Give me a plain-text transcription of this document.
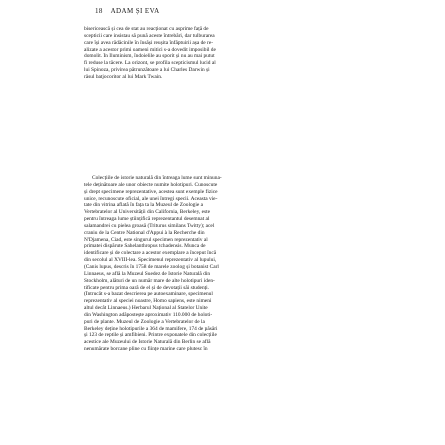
18 ADAM ȘI EVA
bisericească și cea de stat au reacționat cu asprime față de
scepticii care insistau să pună aceste întrebări, dar tulburarea
care își avea rădăcinile în însăși reușita înfăptuirii așa de re-
alizate a acestor primi oameni mitici s-a dovedit imposibil de
domolit. În Iluminism, îndoielile au sporit și nu au mai putut
fi reduse la tăcere. La orizont, se profila scepticismul lucid al
lui Spinoza, privirea pătrunzătoare a lui Charles Darwin și
râsul batjocoritor al lui Mark Twain.
Colecțiile de istorie naturală din întreaga lume sunt minuna-
tele deținătoare ale unor obiecte numite holotipuri. Cunoscute
și drept specimene reprezentative, acestea sunt exemple fizice
unice, recunoscute oficial, ale unei întregi specii. Aceasta vie-
tate din vitrina aflată în fața ta la Muzeul de Zoologie a
Vertebratelor al Universității din California, Berkeley, este
pentru întreaga lume științifică reprezentantul desemnat al
salamandrei cu pielea groasă (Triturus similans Twitty); acel
craniu de la Centre National d'Appui à la Recherche din
N'Djamena, Ciad, este singurul specimen reprezentativ al
primatei dispărute Sahelanthropus tchadensis. Munca de
identificare și de colectare a acestor exemplare a început încă
din secolul al XVIII-lea. Specimenul reprezentativ al lupului,
(Canis lupus, descris în 1758 de marele zoolog și botanist Carl
Linnaeus, se află la Muzeul Suedez de Istorie Naturală din
Stockholm, alături de un număr mare de alte holotipuri iden-
tificate pentru prima oară de el și de devotații săi studenți.
(Întrucât s-a bazat descrierea pe autoexaminare, specimenul
reprezentativ al speciei noastre, Homo sapiens, este nimeni
altul decât Linnaeus.) Herbarul Național al Statelor Unite
din Washington adăpostește aproximativ 110.000 de holoti-
puri de plante. Muzeul de Zoologie a Vertebratelor de la
Berkeley deține holotipurile a 364 de mamifere, 174 de păsări
și 123 de reptile și amfibieni. Printre exponatele din colecțiile
acestice ale Muzeului de Istorie Naturală din Berlin se află
nenumărate borcane pline cu ființe marine care plutesc în
